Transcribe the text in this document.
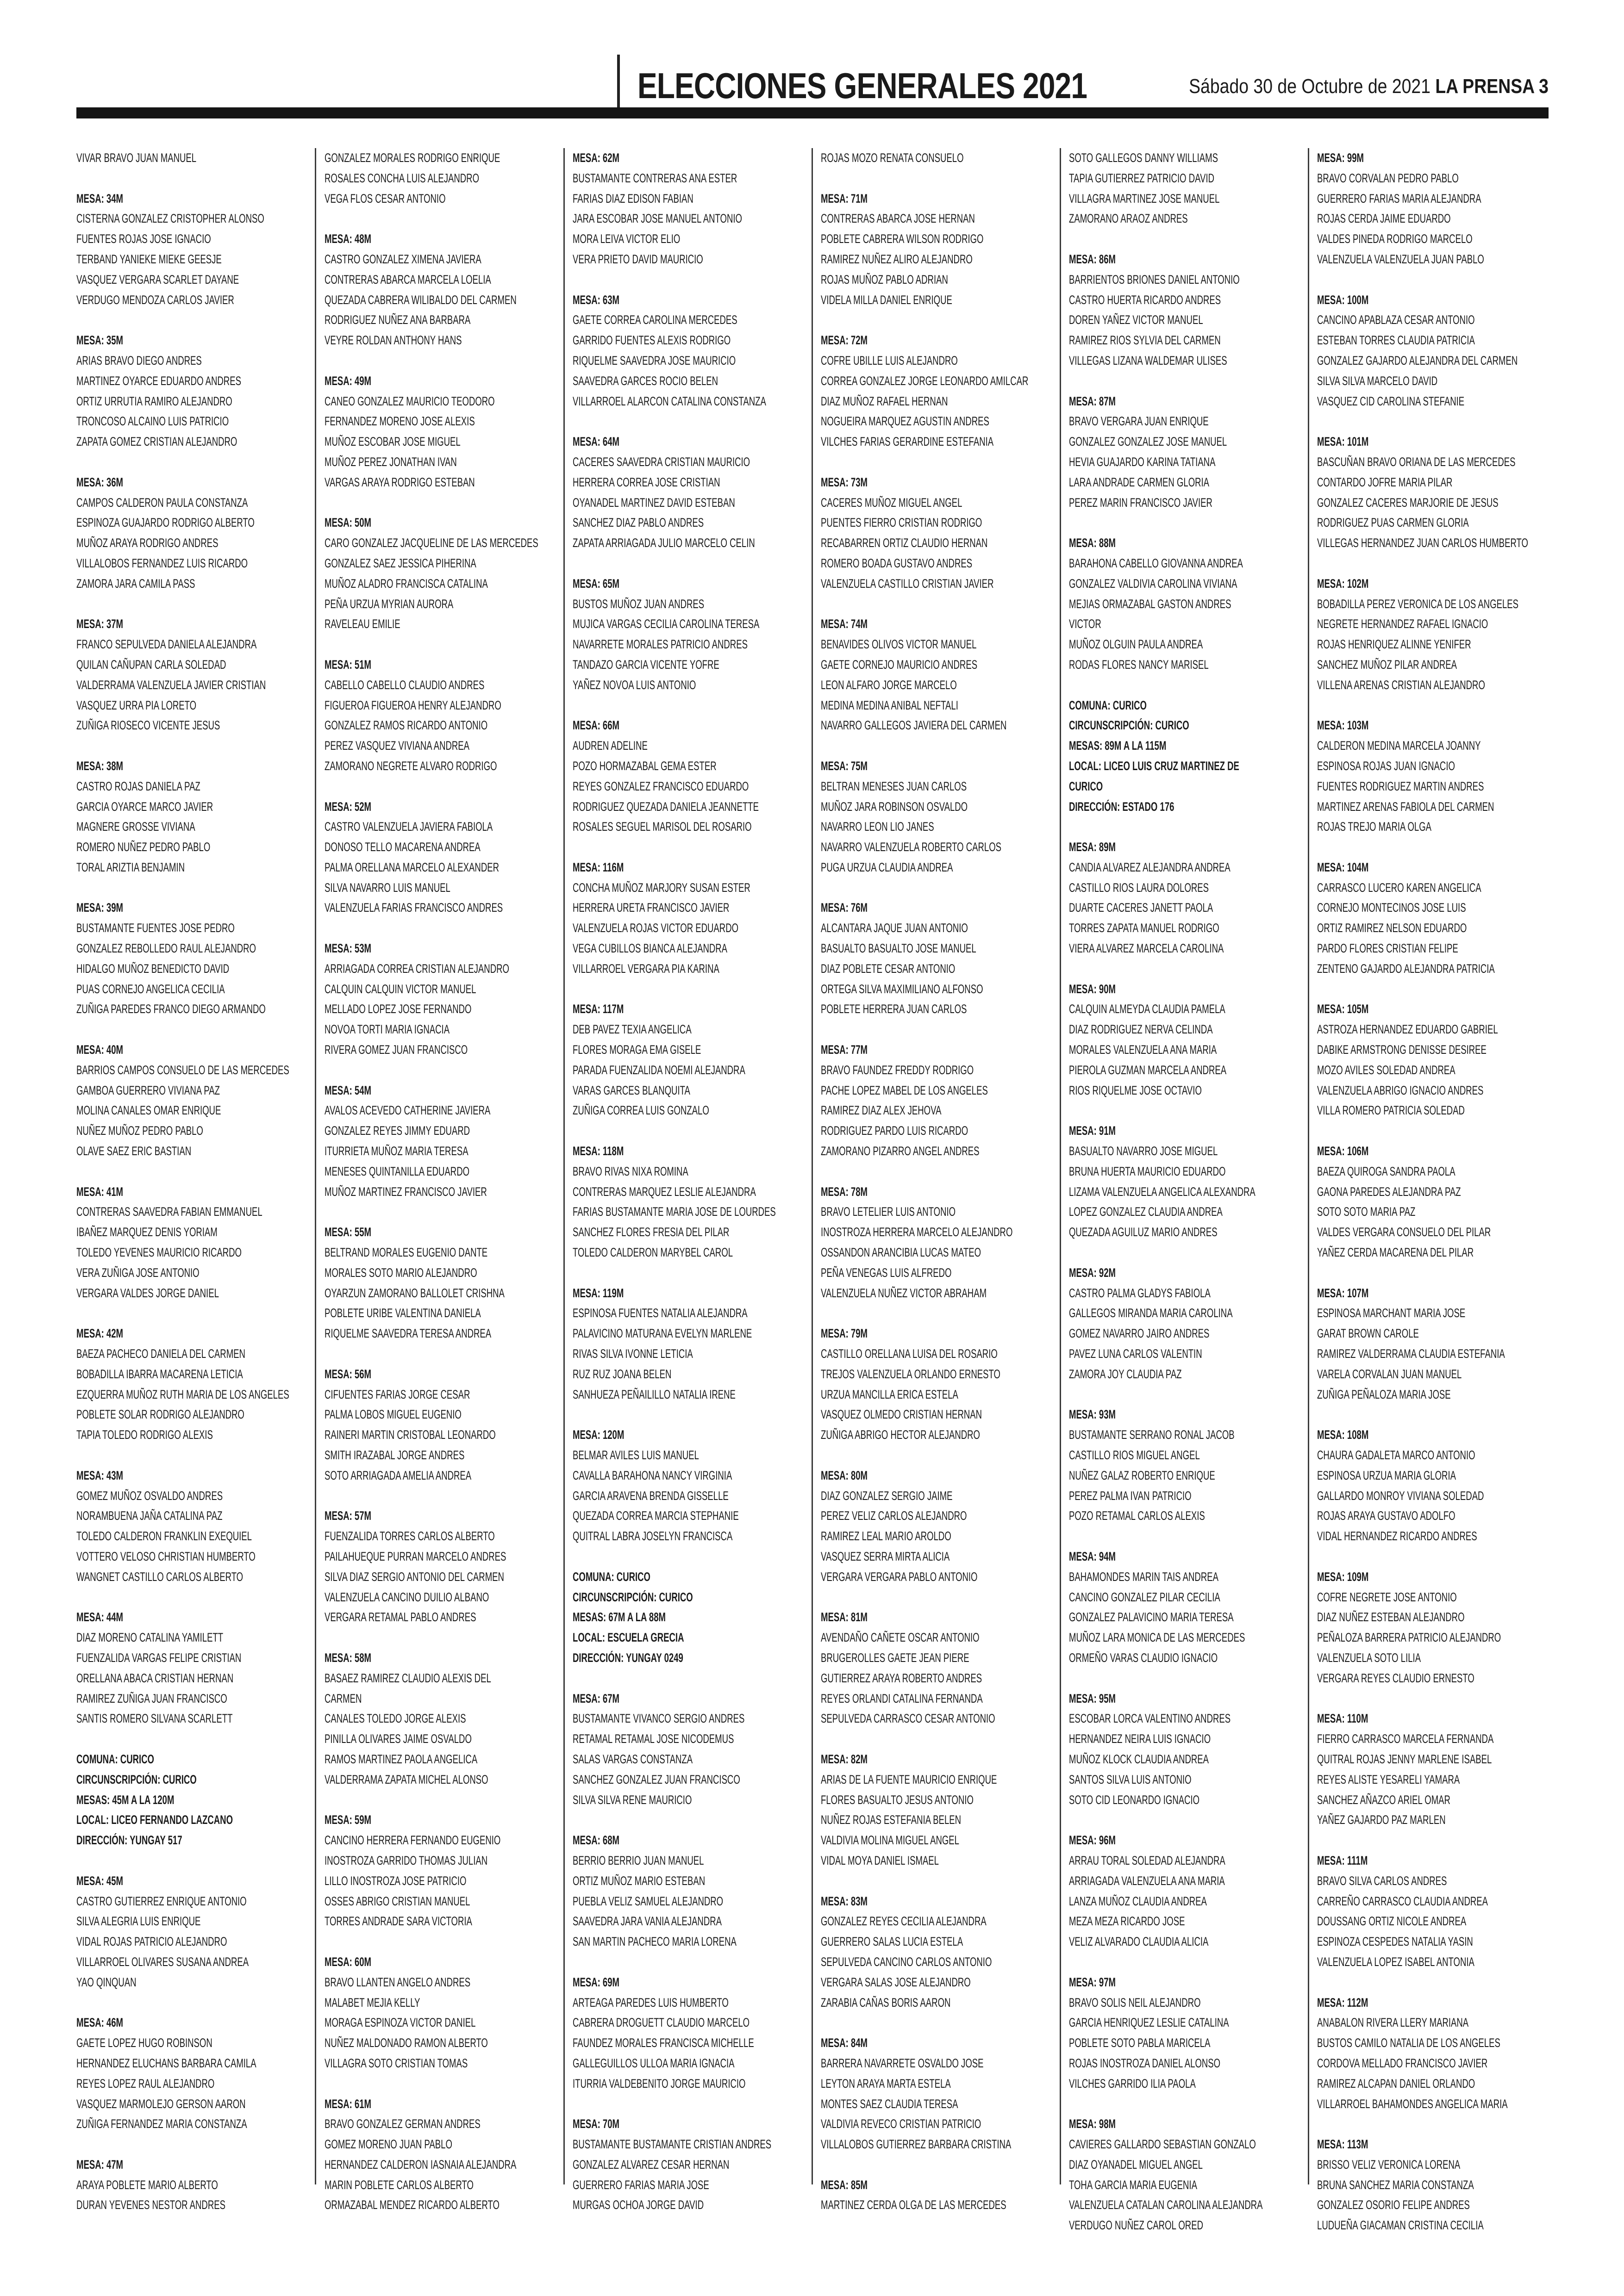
ELECCIONES GENERALES 2021	Sábado 30 de Octubre de 2021 LA PRENSA 3
VIVAR BRAVO JUAN MANUEL
MESA: 34M
CISTERNA GONZALEZ CRISTOPHER ALONSO
FUENTES ROJAS JOSE IGNACIO
TERBAND YANIEKE MIEKE GEESJE
VASQUEZ VERGARA SCARLET DAYANE
VERDUGO MENDOZA CARLOS JAVIER
MESA: 35M
ARIAS BRAVO DIEGO ANDRES
MARTINEZ OYARCE EDUARDO ANDRES
ORTIZ URRUTIA RAMIRO ALEJANDRO
TRONCOSO ALCAINO LUIS PATRICIO
ZAPATA GOMEZ CRISTIAN ALEJANDRO
MESA: 36M
CAMPOS CALDERON PAULA CONSTANZA
ESPINOZA GUAJARDO RODRIGO ALBERTO
MUÑOZ ARAYA RODRIGO ANDRES
VILLALOBOS FERNANDEZ LUIS RICARDO
ZAMORA JARA CAMILA PASS
MESA: 37M
FRANCO SEPULVEDA DANIELA ALEJANDRA
QUILAN CAÑUPAN CARLA SOLEDAD
VALDERRAMA VALENZUELA JAVIER CRISTIAN
VASQUEZ URRA PIA LORETO
ZUÑIGA RIOSECO VICENTE JESUS
MESA: 38M
CASTRO ROJAS DANIELA PAZ
GARCIA OYARCE MARCO JAVIER
MAGNERE GROSSE VIVIANA
ROMERO NUÑEZ PEDRO PABLO
TORAL ARIZTIA BENJAMIN
MESA: 39M
BUSTAMANTE FUENTES JOSE PEDRO
GONZALEZ REBOLLEDO RAUL ALEJANDRO
HIDALGO MUÑOZ BENEDICTO DAVID
PUAS CORNEJO ANGELICA CECILIA
ZUÑIGA PAREDES FRANCO DIEGO ARMANDO
MESA: 40M
BARRIOS CAMPOS CONSUELO DE LAS MERCEDES
GAMBOA GUERRERO VIVIANA PAZ
MOLINA CANALES OMAR ENRIQUE
NUÑEZ MUÑOZ PEDRO PABLO
OLAVE SAEZ ERIC BASTIAN
MESA: 41M
CONTRERAS SAAVEDRA FABIAN EMMANUEL
IBAÑEZ MARQUEZ DENIS YORIAM
TOLEDO YEVENES MAURICIO RICARDO
VERA ZUÑIGA JOSE ANTONIO
VERGARA VALDES JORGE DANIEL
MESA: 42M
BAEZA PACHECO DANIELA DEL CARMEN
BOBADILLA IBARRA MACARENA LETICIA
EZQUERRA MUÑOZ RUTH MARIA DE LOS ANGELES
POBLETE SOLAR RODRIGO ALEJANDRO
TAPIA TOLEDO RODRIGO ALEXIS
MESA: 43M
GOMEZ MUÑOZ OSVALDO ANDRES
NORAMBUENA JAÑA CATALINA PAZ
TOLEDO CALDERON FRANKLIN EXEQUIEL
VOTTERO VELOSO CHRISTIAN HUMBERTO
WANGNET CASTILLO CARLOS ALBERTO
MESA: 44M
DIAZ MORENO CATALINA YAMILETT
FUENZALIDA VARGAS FELIPE CRISTIAN
ORELLANA ABACA CRISTIAN HERNAN
RAMIREZ ZUÑIGA JUAN FRANCISCO
SANTIS ROMERO SILVANA SCARLETT
COMUNA: CURICO
CIRCUNSCRIPCIÓN: CURICO
MESAS: 45M A LA 120M
LOCAL: LICEO FERNANDO LAZCANO
DIRECCIÓN: YUNGAY 517
MESA: 45M
CASTRO GUTIERREZ ENRIQUE ANTONIO
SILVA ALEGRIA LUIS ENRIQUE
VIDAL ROJAS PATRICIO ALEJANDRO
VILLARROEL OLIVARES SUSANA ANDREA
YAO QINQUAN
MESA: 46M
GAETE LOPEZ HUGO ROBINSON
HERNANDEZ ELUCHANS BARBARA CAMILA
REYES LOPEZ RAUL ALEJANDRO
VASQUEZ MARMOLEJO GERSON AARON
ZUÑIGA FERNANDEZ MARIA CONSTANZA
MESA: 47M
ARAYA POBLETE MARIO ALBERTO
DURAN YEVENES NESTOR ANDRES
GONZALEZ MORALES RODRIGO ENRIQUE
ROSALES CONCHA LUIS ALEJANDRO
VEGA FLOS CESAR ANTONIO
MESA: 48M
CASTRO GONZALEZ XIMENA JAVIERA
CONTRERAS ABARCA MARCELA LOELIA
QUEZADA CABRERA WILIBALDO DEL CARMEN
RODRIGUEZ NUÑEZ ANA BARBARA
VEYRE ROLDAN ANTHONY HANS
MESA: 49M
CANEO GONZALEZ MAURICIO TEODORO
FERNANDEZ MORENO JOSE ALEXIS
MUÑOZ ESCOBAR JOSE MIGUEL
MUÑOZ PEREZ JONATHAN IVAN
VARGAS ARAYA RODRIGO ESTEBAN
MESA: 50M
CARO GONZALEZ JACQUELINE DE LAS MERCEDES
GONZALEZ SAEZ JESSICA PIHERINA
MUÑOZ ALADRO FRANCISCA CATALINA
PEÑA URZUA MYRIAN AURORA
RAVELEAU EMILIE
MESA: 51M
CABELLO CABELLO CLAUDIO ANDRES
FIGUEROA FIGUEROA HENRY ALEJANDRO
GONZALEZ RAMOS RICARDO ANTONIO
PEREZ VASQUEZ VIVIANA ANDREA
ZAMORANO NEGRETE ALVARO RODRIGO
MESA: 52M
CASTRO VALENZUELA JAVIERA FABIOLA
DONOSO TELLO MACARENA ANDREA
PALMA ORELLANA MARCELO ALEXANDER
SILVA NAVARRO LUIS MANUEL
VALENZUELA FARIAS FRANCISCO ANDRES
MESA: 53M
ARRIAGADA CORREA CRISTIAN ALEJANDRO
CALQUIN CALQUIN VICTOR MANUEL
MELLADO LOPEZ JOSE FERNANDO
NOVOA TORTI MARIA IGNACIA
RIVERA GOMEZ JUAN FRANCISCO
MESA: 54M
AVALOS ACEVEDO CATHERINE JAVIERA
GONZALEZ REYES JIMMY EDUARD
ITURRIETA MUÑOZ MARIA TERESA
MENESES QUINTANILLA EDUARDO
MUÑOZ MARTINEZ FRANCISCO JAVIER
MESA: 55M
BELTRAND MORALES EUGENIO DANTE
MORALES SOTO MARIO ALEJANDRO
OYARZUN ZAMORANO BALLOLET CRISHNA
POBLETE URIBE VALENTINA DANIELA
RIQUELME SAAVEDRA TERESA ANDREA
MESA: 56M
CIFUENTES FARIAS JORGE CESAR
PALMA LOBOS MIGUEL EUGENIO
RAINERI MARTIN CRISTOBAL LEONARDO
SMITH IRAZABAL JORGE ANDRES
SOTO ARRIAGADA AMELIA ANDREA
MESA: 57M
FUENZALIDA TORRES CARLOS ALBERTO
PAILAHUEQUE PURRAN MARCELO ANDRES
SILVA DIAZ SERGIO ANTONIO DEL CARMEN
VALENZUELA CANCINO DUILIO ALBANO
VERGARA RETAMAL PABLO ANDRES
MESA: 58M
BASAEZ RAMIREZ CLAUDIO ALEXIS DEL
CARMEN
CANALES TOLEDO JORGE ALEXIS
PINILLA OLIVARES JAIME OSVALDO
RAMOS MARTINEZ PAOLA ANGELICA
VALDERRAMA ZAPATA MICHEL ALONSO
MESA: 59M
CANCINO HERRERA FERNANDO EUGENIO
INOSTROZA GARRIDO THOMAS JULIAN
LILLO INOSTROZA JOSE PATRICIO
OSSES ABRIGO CRISTIAN MANUEL
TORRES ANDRADE SARA VICTORIA
MESA: 60M
BRAVO LLANTEN ANGELO ANDRES
MALABET MEJIA KELLY
MORAGA ESPINOZA VICTOR DANIEL
NUÑEZ MALDONADO RAMON ALBERTO
VILLAGRA SOTO CRISTIAN TOMAS
MESA: 61M
BRAVO GONZALEZ GERMAN ANDRES
GOMEZ MORENO JUAN PABLO
HERNANDEZ CALDERON IASNAIA ALEJANDRA
MARIN POBLETE CARLOS ALBERTO
ORMAZABAL MENDEZ RICARDO ALBERTO
MESA: 62M
BUSTAMANTE CONTRERAS ANA ESTER
FARIAS DIAZ EDISON FABIAN
JARA ESCOBAR JOSE MANUEL ANTONIO
MORA LEIVA VICTOR ELIO
VERA PRIETO DAVID MAURICIO
MESA: 63M
GAETE CORREA CAROLINA MERCEDES
GARRIDO FUENTES ALEXIS RODRIGO
RIQUELME SAAVEDRA JOSE MAURICIO
SAAVEDRA GARCES ROCIO BELEN
VILLARROEL ALARCON CATALINA CONSTANZA
MESA: 64M
CACERES SAAVEDRA CRISTIAN MAURICIO
HERRERA CORREA JOSE CRISTIAN
OYANADEL MARTINEZ DAVID ESTEBAN
SANCHEZ DIAZ PABLO ANDRES
ZAPATA ARRIAGADA JULIO MARCELO CELIN
MESA: 65M
BUSTOS MUÑOZ JUAN ANDRES
MUJICA VARGAS CECILIA CAROLINA TERESA
NAVARRETE MORALES PATRICIO ANDRES
TANDAZO GARCIA VICENTE YOFRE
YAÑEZ NOVOA LUIS ANTONIO
MESA: 66M
AUDREN ADELINE
POZO HORMAZABAL GEMA ESTER
REYES GONZALEZ FRANCISCO EDUARDO
RODRIGUEZ QUEZADA DANIELA JEANNETTE
ROSALES SEGUEL MARISOL DEL ROSARIO
MESA: 116M
CONCHA MUÑOZ MARJORY SUSAN ESTER
HERRERA URETA FRANCISCO JAVIER
VALENZUELA ROJAS VICTOR EDUARDO
VEGA CUBILLOS BIANCA ALEJANDRA
VILLARROEL VERGARA PIA KARINA
MESA: 117M
DEB PAVEZ TEXIA ANGELICA
FLORES MORAGA EMA GISELE
PARADA FUENZALIDA NOEMI ALEJANDRA
VARAS GARCES BLANQUITA
ZUÑIGA CORREA LUIS GONZALO
MESA: 118M
BRAVO RIVAS NIXA ROMINA
CONTRERAS MARQUEZ LESLIE ALEJANDRA
FARIAS BUSTAMANTE MARIA JOSE DE LOURDES
SANCHEZ FLORES FRESIA DEL PILAR
TOLEDO CALDERON MARYBEL CAROL
MESA: 119M
ESPINOSA FUENTES NATALIA ALEJANDRA
PALAVICINO MATURANA EVELYN MARLENE
RIVAS SILVA IVONNE LETICIA
RUZ RUZ JOANA BELEN
SANHUEZA PEÑAILILLO NATALIA IRENE
MESA: 120M
BELMAR AVILES LUIS MANUEL
CAVALLA BARAHONA NANCY VIRGINIA
GARCIA ARAVENA BRENDA GISSELLE
QUEZADA CORREA MARCIA STEPHANIE
QUITRAL LABRA JOSELYN FRANCISCA
COMUNA: CURICO
CIRCUNSCRIPCIÓN: CURICO
MESAS: 67M A LA 88M
LOCAL: ESCUELA GRECIA
DIRECCIÓN: YUNGAY 0249
MESA: 67M
BUSTAMANTE VIVANCO SERGIO ANDRES
RETAMAL RETAMAL JOSE NICODEMUS
SALAS VARGAS CONSTANZA
SANCHEZ GONZALEZ JUAN FRANCISCO
SILVA SILVA RENE MAURICIO
MESA: 68M
BERRIO BERRIO JUAN MANUEL
ORTIZ MUÑOZ MARIO ESTEBAN
PUEBLA VELIZ SAMUEL ALEJANDRO
SAAVEDRA JARA VANIA ALEJANDRA
SAN MARTIN PACHECO MARIA LORENA
MESA: 69M
ARTEAGA PAREDES LUIS HUMBERTO
CABRERA DROGUETT CLAUDIO MARCELO
FAUNDEZ MORALES FRANCISCA MICHELLE
GALLEGUILLOS ULLOA MARIA IGNACIA
ITURRIA VALDEBENITO JORGE MAURICIO
MESA: 70M
BUSTAMANTE BUSTAMANTE CRISTIAN ANDRES
GONZALEZ ALVAREZ CESAR HERNAN
GUERRERO FARIAS MARIA JOSE
MURGAS OCHOA JORGE DAVID
ROJAS MOZO RENATA CONSUELO
MESA: 71M
CONTRERAS ABARCA JOSE HERNAN
POBLETE CABRERA WILSON RODRIGO
RAMIREZ NUÑEZ ALIRO ALEJANDRO
ROJAS MUÑOZ PABLO ADRIAN
VIDELA MILLA DANIEL ENRIQUE
MESA: 72M
COFRE UBILLE LUIS ALEJANDRO
CORREA GONZALEZ JORGE LEONARDO AMILCAR
DIAZ MUÑOZ RAFAEL HERNAN
NOGUEIRA MARQUEZ AGUSTIN ANDRES
VILCHES FARIAS GERARDINE ESTEFANIA
MESA: 73M
CACERES MUÑOZ MIGUEL ANGEL
PUENTES FIERRO CRISTIAN RODRIGO
RECABARREN ORTIZ CLAUDIO HERNAN
ROMERO BOADA GUSTAVO ANDRES
VALENZUELA CASTILLO CRISTIAN JAVIER
MESA: 74M
BENAVIDES OLIVOS VICTOR MANUEL
GAETE CORNEJO MAURICIO ANDRES
LEON ALFARO JORGE MARCELO
MEDINA MEDINA ANIBAL NEFTALI
NAVARRO GALLEGOS JAVIERA DEL CARMEN
MESA: 75M
BELTRAN MENESES JUAN CARLOS
MUÑOZ JARA ROBINSON OSVALDO
NAVARRO LEON LIO JANES
NAVARRO VALENZUELA ROBERTO CARLOS
PUGA URZUA CLAUDIA ANDREA
MESA: 76M
ALCANTARA JAQUE JUAN ANTONIO
BASUALTO BASUALTO JOSE MANUEL
DIAZ POBLETE CESAR ANTONIO
ORTEGA SILVA MAXIMILIANO ALFONSO
POBLETE HERRERA JUAN CARLOS
MESA: 77M
BRAVO FAUNDEZ FREDDY RODRIGO
PACHE LOPEZ MABEL DE LOS ANGELES
RAMIREZ DIAZ ALEX JEHOVA
RODRIGUEZ PARDO LUIS RICARDO
ZAMORANO PIZARRO ANGEL ANDRES
MESA: 78M
BRAVO LETELIER LUIS ANTONIO
INOSTROZA HERRERA MARCELO ALEJANDRO
OSSANDON ARANCIBIA LUCAS MATEO
PEÑA VENEGAS LUIS ALFREDO
VALENZUELA NUÑEZ VICTOR ABRAHAM
MESA: 79M
CASTILLO ORELLANA LUISA DEL ROSARIO
TREJOS VALENZUELA ORLANDO ERNESTO
URZUA MANCILLA ERICA ESTELA
VASQUEZ OLMEDO CRISTIAN HERNAN
ZUÑIGA ABRIGO HECTOR ALEJANDRO
MESA: 80M
DIAZ GONZALEZ SERGIO JAIME
PEREZ VELIZ CARLOS ALEJANDRO
RAMIREZ LEAL MARIO AROLDO
VASQUEZ SERRA MIRTA ALICIA
VERGARA VERGARA PABLO ANTONIO
MESA: 81M
AVENDAÑO CAÑETE OSCAR ANTONIO
BRUGEROLLES GAETE JEAN PIERE
GUTIERREZ ARAYA ROBERTO ANDRES
REYES ORLANDI CATALINA FERNANDA
SEPULVEDA CARRASCO CESAR ANTONIO
MESA: 82M
ARIAS DE LA FUENTE MAURICIO ENRIQUE
FLORES BASUALTO JESUS ANTONIO
NUÑEZ ROJAS ESTEFANIA BELEN
VALDIVIA MOLINA MIGUEL ANGEL
VIDAL MOYA DANIEL ISMAEL
MESA: 83M
GONZALEZ REYES CECILIA ALEJANDRA
GUERRERO SALAS LUCIA ESTELA
SEPULVEDA CANCINO CARLOS ANTONIO
VERGARA SALAS JOSE ALEJANDRO
ZARABIA CAÑAS BORIS AARON
MESA: 84M
BARRERA NAVARRETE OSVALDO JOSE
LEYTON ARAYA MARTA ESTELA
MONTES SAEZ CLAUDIA TERESA
VALDIVIA REVECO CRISTIAN PATRICIO
VILLALOBOS GUTIERREZ BARBARA CRISTINA
MESA: 85M
MARTINEZ CERDA OLGA DE LAS MERCEDES
SOTO GALLEGOS DANNY WILLIAMS
TAPIA GUTIERREZ PATRICIO DAVID
VILLAGRA MARTINEZ JOSE MANUEL
ZAMORANO ARAOZ ANDRES
MESA: 86M
BARRIENTOS BRIONES DANIEL ANTONIO
CASTRO HUERTA RICARDO ANDRES
DOREN YAÑEZ VICTOR MANUEL
RAMIREZ RIOS SYLVIA DEL CARMEN
VILLEGAS LIZANA WALDEMAR ULISES
MESA: 87M
BRAVO VERGARA JUAN ENRIQUE
GONZALEZ GONZALEZ JOSE MANUEL
HEVIA GUAJARDO KARINA TATIANA
LARA ANDRADE CARMEN GLORIA
PEREZ MARIN FRANCISCO JAVIER
MESA: 88M
BARAHONA CABELLO GIOVANNA ANDREA
GONZALEZ VALDIVIA CAROLINA VIVIANA
MEJIAS ORMAZABAL GASTON ANDRES
VICTOR
MUÑOZ OLGUIN PAULA ANDREA
RODAS FLORES NANCY MARISEL
COMUNA: CURICO
CIRCUNSCRIPCIÓN: CURICO
MESAS: 89M A LA 115M
LOCAL: LICEO LUIS CRUZ MARTINEZ DE
CURICO
DIRECCIÓN: ESTADO 176
MESA: 89M
CANDIA ALVAREZ ALEJANDRA ANDREA
CASTILLO RIOS LAURA DOLORES
DUARTE CACERES JANETT PAOLA
TORRES ZAPATA MANUEL RODRIGO
VIERA ALVAREZ MARCELA CAROLINA
MESA: 90M
CALQUIN ALMEYDA CLAUDIA PAMELA
DIAZ RODRIGUEZ NERVA CELINDA
MORALES VALENZUELA ANA MARIA
PIEROLA GUZMAN MARCELA ANDREA
RIOS RIQUELME JOSE OCTAVIO
MESA: 91M
BASUALTO NAVARRO JOSE MIGUEL
BRUNA HUERTA MAURICIO EDUARDO
LIZAMA VALENZUELA ANGELICA ALEXANDRA
LOPEZ GONZALEZ CLAUDIA ANDREA
QUEZADA AGUILUZ MARIO ANDRES
MESA: 92M
CASTRO PALMA GLADYS FABIOLA
GALLEGOS MIRANDA MARIA CAROLINA
GOMEZ NAVARRO JAIRO ANDRES
PAVEZ LUNA CARLOS VALENTIN
ZAMORA JOY CLAUDIA PAZ
MESA: 93M
BUSTAMANTE SERRANO RONAL JACOB
CASTILLO RIOS MIGUEL ANGEL
NUÑEZ GALAZ ROBERTO ENRIQUE
PEREZ PALMA IVAN PATRICIO
POZO RETAMAL CARLOS ALEXIS
MESA: 94M
BAHAMONDES MARIN TAIS ANDREA
CANCINO GONZALEZ PILAR CECILIA
GONZALEZ PALAVICINO MARIA TERESA
MUÑOZ LARA MONICA DE LAS MERCEDES
ORMEÑO VARAS CLAUDIO IGNACIO
MESA: 95M
ESCOBAR LORCA VALENTINO ANDRES
HERNANDEZ NEIRA LUIS IGNACIO
MUÑOZ KLOCK CLAUDIA ANDREA
SANTOS SILVA LUIS ANTONIO
SOTO CID LEONARDO IGNACIO
MESA: 96M
ARRAU TORAL SOLEDAD ALEJANDRA
ARRIAGADA VALENZUELA ANA MARIA
LANZA MUÑOZ CLAUDIA ANDREA
MEZA MEZA RICARDO JOSE
VELIZ ALVARADO CLAUDIA ALICIA
MESA: 97M
BRAVO SOLIS NEIL ALEJANDRO
GARCIA HENRIQUEZ LESLIE CATALINA
POBLETE SOTO PABLA MARICELA
ROJAS INOSTROZA DANIEL ALONSO
VILCHES GARRIDO ILIA PAOLA
MESA: 98M
CAVIERES GALLARDO SEBASTIAN GONZALO
DIAZ OYANADEL MIGUEL ANGEL
TOHA GARCIA MARIA EUGENIA
VALENZUELA CATALAN CAROLINA ALEJANDRA
VERDUGO NUÑEZ CAROL ORED
MESA: 99M
BRAVO CORVALAN PEDRO PABLO
GUERRERO FARIAS MARIA ALEJANDRA
ROJAS CERDA JAIME EDUARDO
VALDES PINEDA RODRIGO MARCELO
VALENZUELA VALENZUELA JUAN PABLO
MESA: 100M
CANCINO APABLAZA CESAR ANTONIO
ESTEBAN TORRES CLAUDIA PATRICIA
GONZALEZ GAJARDO ALEJANDRA DEL CARMEN
SILVA SILVA MARCELO DAVID
VASQUEZ CID CAROLINA STEFANIE
MESA: 101M
BASCUÑAN BRAVO ORIANA DE LAS MERCEDES
CONTARDO JOFRE MARIA PILAR
GONZALEZ CACERES MARJORIE DE JESUS
RODRIGUEZ PUAS CARMEN GLORIA
VILLEGAS HERNANDEZ JUAN CARLOS HUMBERTO
MESA: 102M
BOBADILLA PEREZ VERONICA DE LOS ANGELES
NEGRETE HERNANDEZ RAFAEL IGNACIO
ROJAS HENRIQUEZ ALINNE YENIFER
SANCHEZ MUÑOZ PILAR ANDREA
VILLENA ARENAS CRISTIAN ALEJANDRO
MESA: 103M
CALDERON MEDINA MARCELA JOANNY
ESPINOSA ROJAS JUAN IGNACIO
FUENTES RODRIGUEZ MARTIN ANDRES
MARTINEZ ARENAS FABIOLA DEL CARMEN
ROJAS TREJO MARIA OLGA
MESA: 104M
CARRASCO LUCERO KAREN ANGELICA
CORNEJO MONTECINOS JOSE LUIS
ORTIZ RAMIREZ NELSON EDUARDO
PARDO FLORES CRISTIAN FELIPE
ZENTENO GAJARDO ALEJANDRA PATRICIA
MESA: 105M
ASTROZA HERNANDEZ EDUARDO GABRIEL
DABIKE ARMSTRONG DENISSE DESIREE
MOZO AVILES SOLEDAD ANDREA
VALENZUELA ABRIGO IGNACIO ANDRES
VILLA ROMERO PATRICIA SOLEDAD
MESA: 106M
BAEZA QUIROGA SANDRA PAOLA
GAONA PAREDES ALEJANDRA PAZ
SOTO SOTO MARIA PAZ
VALDES VERGARA CONSUELO DEL PILAR
YAÑEZ CERDA MACARENA DEL PILAR
MESA: 107M
ESPINOSA MARCHANT MARIA JOSE
GARAT BROWN CAROLE
RAMIREZ VALDERRAMA CLAUDIA ESTEFANIA
VARELA CORVALAN JUAN MANUEL
ZUÑIGA PEÑALOZA MARIA JOSE
MESA: 108M
CHAURA GADALETA MARCO ANTONIO
ESPINOSA URZUA MARIA GLORIA
GALLARDO MONROY VIVIANA SOLEDAD
ROJAS ARAYA GUSTAVO ADOLFO
VIDAL HERNANDEZ RICARDO ANDRES
MESA: 109M
COFRE NEGRETE JOSE ANTONIO
DIAZ NUÑEZ ESTEBAN ALEJANDRO
PEÑALOZA BARRERA PATRICIO ALEJANDRO
VALENZUELA SOTO LILIA
VERGARA REYES CLAUDIO ERNESTO
MESA: 110M
FIERRO CARRASCO MARCELA FERNANDA
QUITRAL ROJAS JENNY MARLENE ISABEL
REYES ALISTE YESARELI YAMARA
SANCHEZ AÑAZCO ARIEL OMAR
YAÑEZ GAJARDO PAZ MARLEN
MESA: 111M
BRAVO SILVA CARLOS ANDRES
CARREÑO CARRASCO CLAUDIA ANDREA
DOUSSANG ORTIZ NICOLE ANDREA
ESPINOZA CESPEDES NATALIA YASIN
VALENZUELA LOPEZ ISABEL ANTONIA
MESA: 112M
ANABALON RIVERA LLERY MARIANA
BUSTOS CAMILO NATALIA DE LOS ANGELES
CORDOVA MELLADO FRANCISCO JAVIER
RAMIREZ ALCAPAN DANIEL ORLANDO
VILLARROEL BAHAMONDES ANGELICA MARIA
MESA: 113M
BRISSO VELIZ VERONICA LORENA
BRUNA SANCHEZ MARIA CONSTANZA
GONZALEZ OSORIO FELIPE ANDRES
LUDUEÑA GIACAMAN CRISTINA CECILIA
